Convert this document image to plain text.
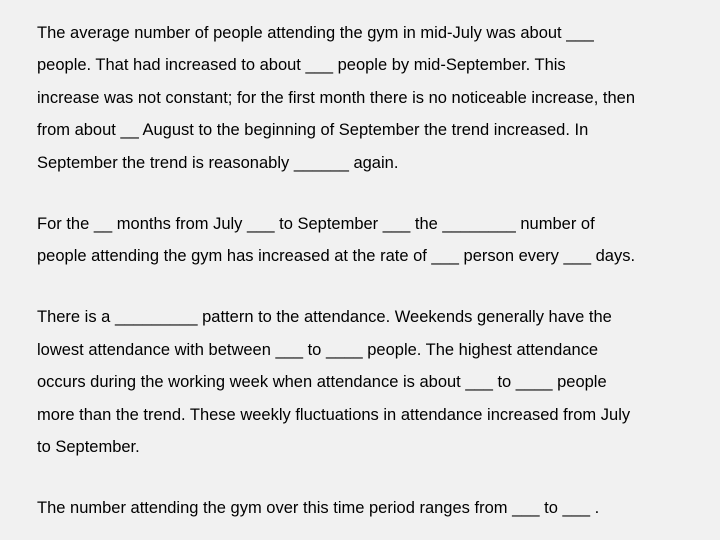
The average number of people attending the gym in mid-July was about ___
people. That had increased to about ___ people by mid-September. This
increase was not constant; for the first month there is no noticeable increase, then
from about __ August to the beginning of September the trend increased. In
September the trend is reasonably ______ again.
For the __ months from July ___ to September ___ the ________ number of
people attending the gym has increased at the rate of ___ person every ___ days.
There is a _________ pattern to the attendance. Weekends generally have the
lowest attendance with between ___ to ____ people. The highest attendance
occurs during the working week when attendance is about ___ to ____ people
more than the trend. These weekly fluctuations in attendance increased from July
to September.
The number attending the gym over this time period ranges from ___ to ___ .
